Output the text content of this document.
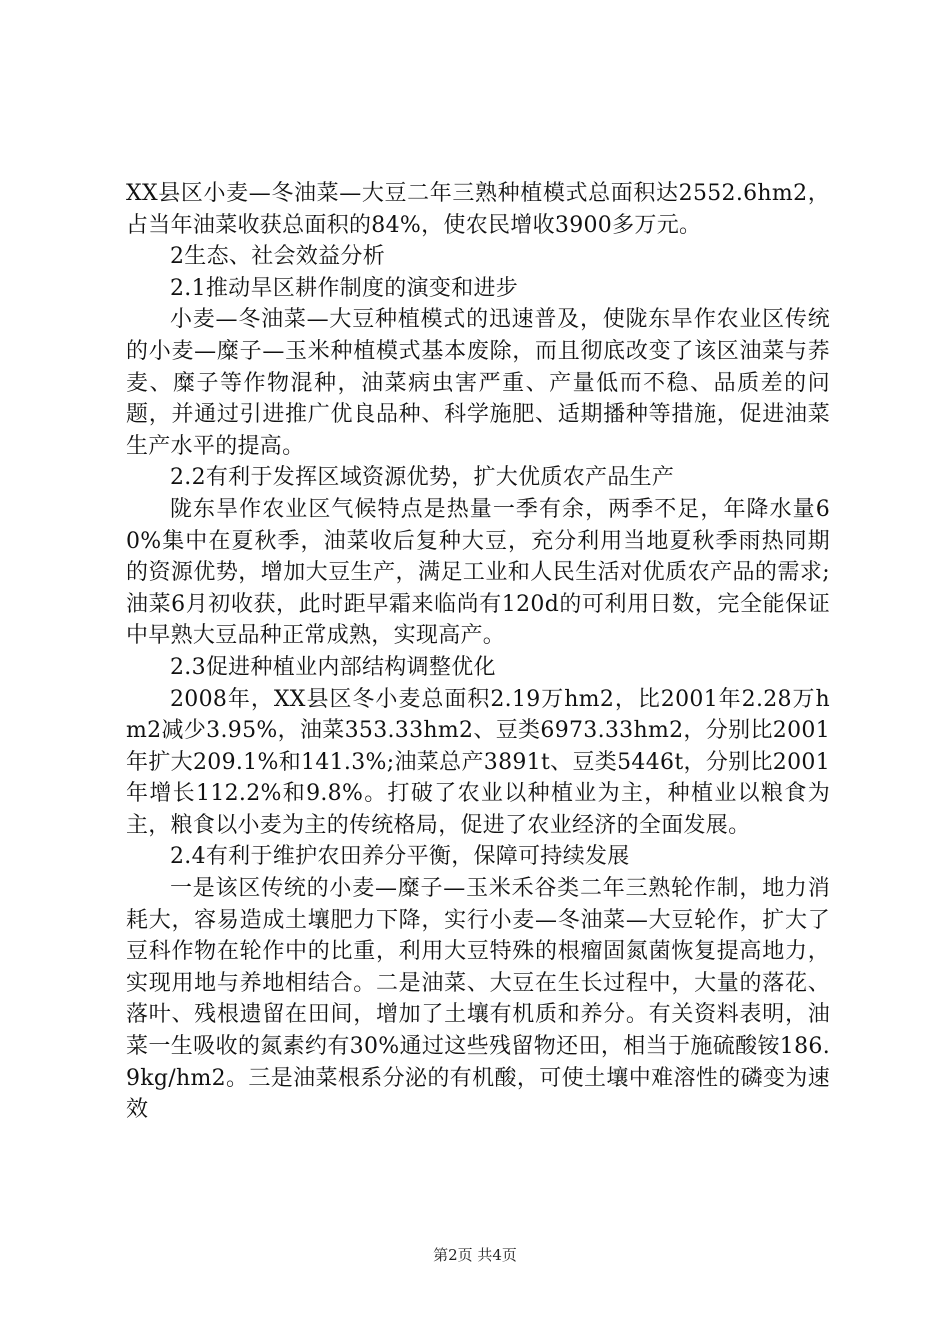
XX县区小麦—冬油菜—大豆二年三熟种植模式总面积达2552.6hm2，占当年油菜收获总面积的84%，使农民增收3900多万元。

2生态、社会效益分析

2.1推动旱区耕作制度的演变和进步

小麦—冬油菜—大豆种植模式的迅速普及，使陇东旱作农业区传统的小麦—糜子—玉米种植模式基本废除，而且彻底改变了该区油菜与荞麦、糜子等作物混种，油菜病虫害严重、产量低而不稳、品质差的问题，并通过引进推广优良品种、科学施肥、适期播种等措施，促进油菜生产水平的提高。

2.2有利于发挥区域资源优势，扩大优质农产品生产

陇东旱作农业区气候特点是热量一季有余，两季不足，年降水量60%集中在夏秋季，油菜收后复种大豆，充分利用当地夏秋季雨热同期的资源优势，增加大豆生产，满足工业和人民生活对优质农产品的需求;油菜6月初收获，此时距早霜来临尚有120d的可利用日数，完全能保证中早熟大豆品种正常成熟，实现高产。

2.3促进种植业内部结构调整优化

2008年，XX县区冬小麦总面积2.19万hm2，比2001年2.28万hm2减少3.95%，油菜353.33hm2、豆类6973.33hm2，分别比2001年扩大209.1%和141.3%;油菜总产3891t、豆类5446t，分别比2001年增长112.2%和9.8%。打破了农业以种植业为主，种植业以粮食为主，粮食以小麦为主的传统格局，促进了农业经济的全面发展。

2.4有利于维护农田养分平衡，保障可持续发展

一是该区传统的小麦—糜子—玉米禾谷类二年三熟轮作制，地力消耗大，容易造成土壤肥力下降，实行小麦—冬油菜—大豆轮作，扩大了豆科作物在轮作中的比重，利用大豆特殊的根瘤固氮菌恢复提高地力，实现用地与养地相结合。二是油菜、大豆在生长过程中，大量的落花、落叶、残根遗留在田间，增加了土壤有机质和养分。有关资料表明，油菜一生吸收的氮素约有30%通过这些残留物还田，相当于施硫酸铵186.9kg/hm2。三是油菜根系分泌的有机酸，可使土壤中难溶性的磷变为速效

第2页 共4页
